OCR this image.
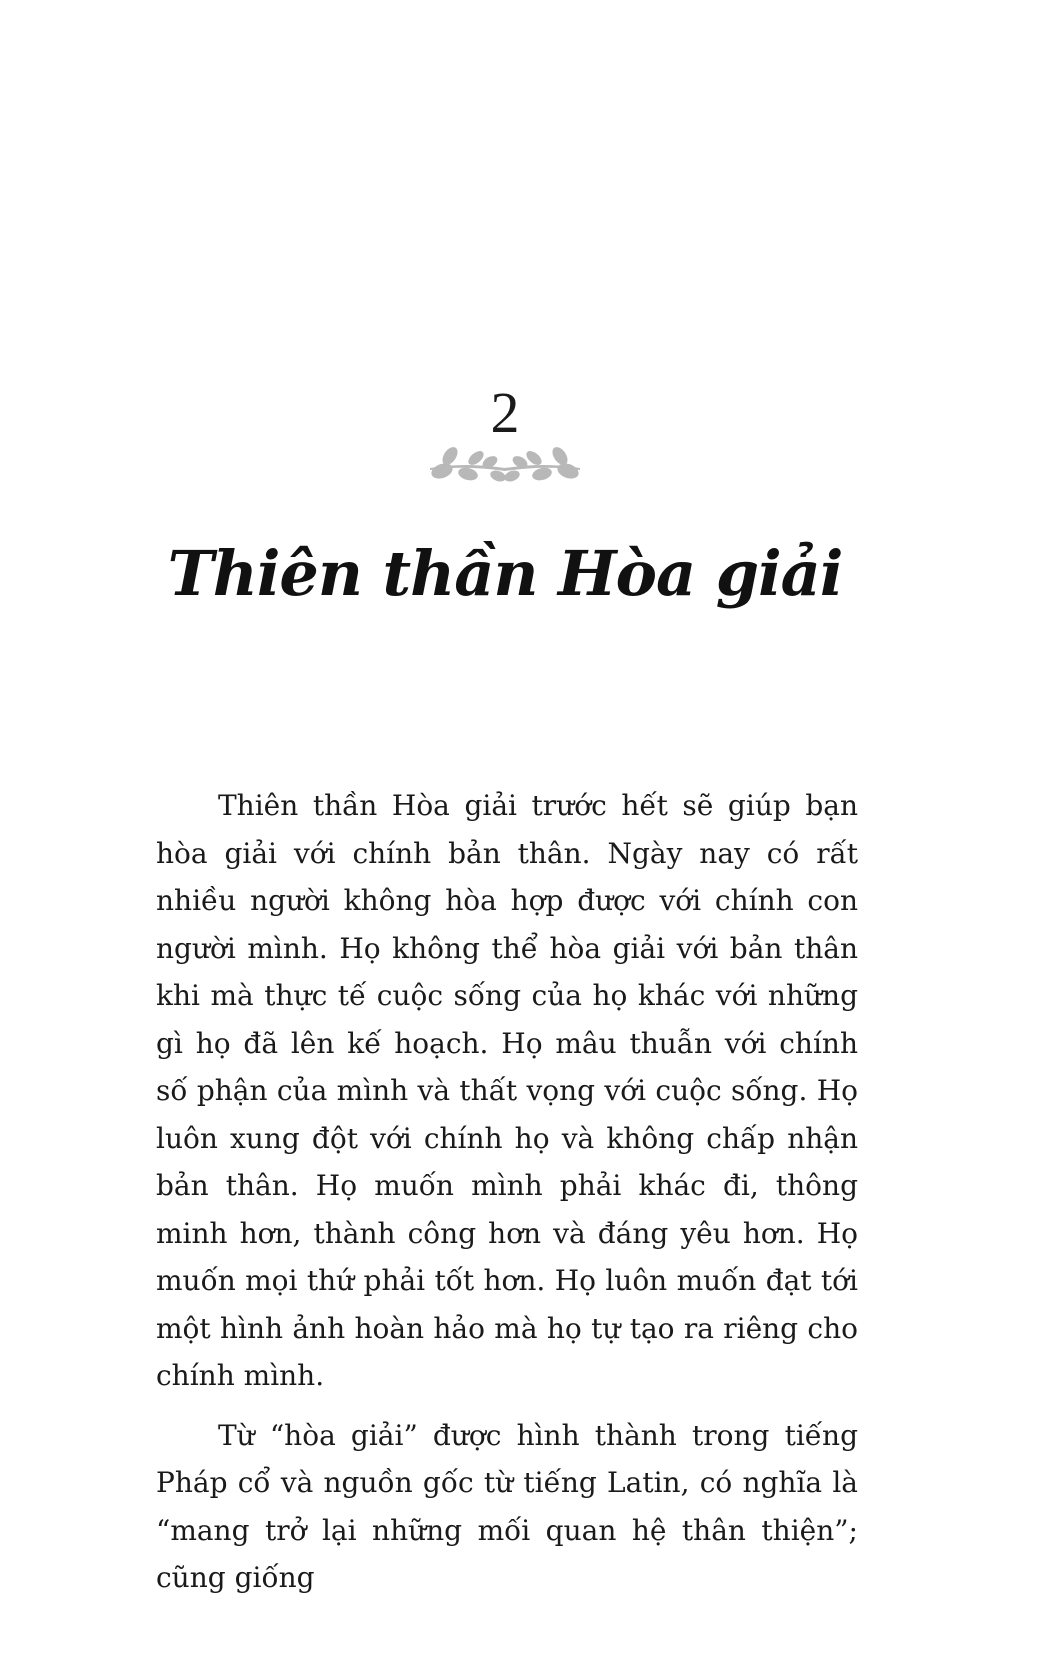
2
Thiên thần Hòa giải

Thiên thần Hòa giải trước hết sẽ giúp bạn hòa giải với chính bản thân. Ngày nay có rất nhiều người không hòa hợp được với chính con người mình. Họ không thể hòa giải với bản thân khi mà thực tế cuộc sống của họ khác với những gì họ đã lên kế hoạch. Họ mâu thuẫn với chính số phận của mình và thất vọng với cuộc sống. Họ luôn xung đột với chính họ và không chấp nhận bản thân. Họ muốn mình phải khác đi, thông minh hơn, thành công hơn và đáng yêu hơn. Họ muốn mọi thứ phải tốt hơn. Họ luôn muốn đạt tới một hình ảnh hoàn hảo mà họ tự tạo ra riêng cho chính mình.

Từ “hòa giải” được hình thành trong tiếng Pháp cổ và nguồn gốc từ tiếng Latin, có nghĩa là “mang trở lại những mối quan hệ thân thiện”; cũng giống
